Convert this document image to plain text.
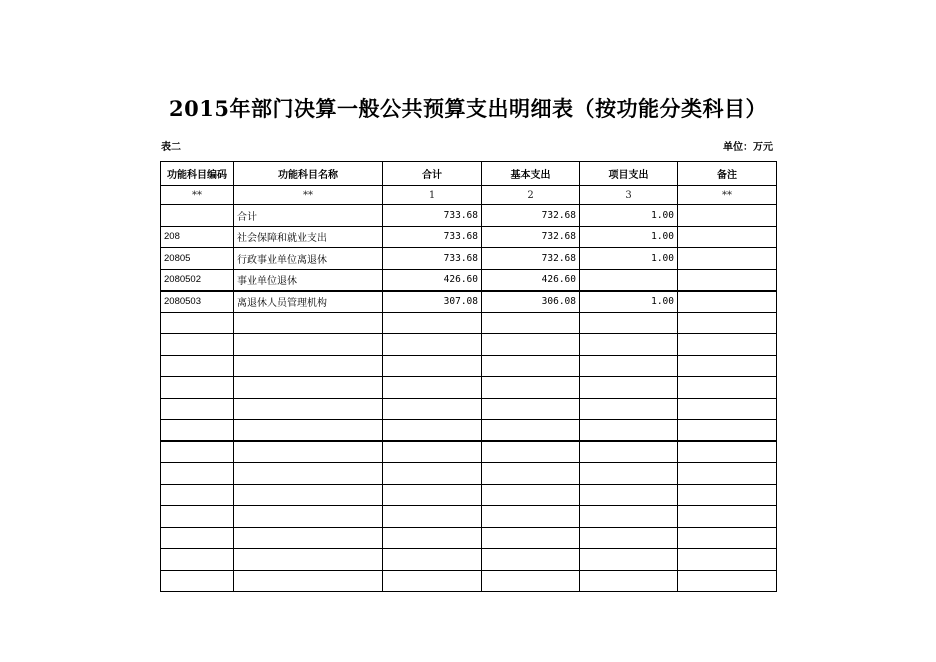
2015年部门决算一般公共预算支出明细表（按功能分类科目）
表二	单位：万元
功能科目编码	功能科目名称	合计	基本支出	项目支出	备注
**	**	1	2	3	**
	合计	733.68	732.68	1.00	
208	社会保障和就业支出	733.68	732.68	1.00	
20805	行政事业单位离退休	733.68	732.68	1.00	
2080502	事业单位退休	426.60	426.60		
2080503	离退休人员管理机构	307.08	306.08	1.00	
